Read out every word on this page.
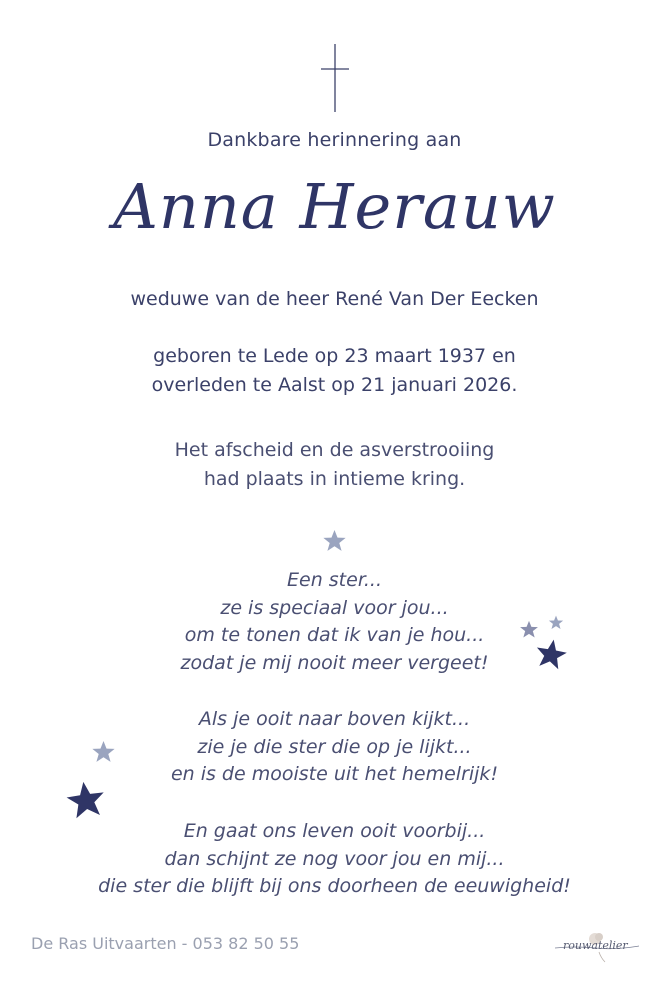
Dankbare herinnering aan
Anna Herauw
weduwe van de heer René Van Der Eecken
geboren te Lede op 23 maart 1937 en
overleden te Aalst op 21 januari 2026.
Het afscheid en de asverstrooiing
had plaats in intieme kring.
Een ster...
ze is speciaal voor jou...
om te tonen dat ik van je hou...
zodat je mij nooit meer vergeet!
Als je ooit naar boven kijkt...
zie je die ster die op je lijkt...
en is de mooiste uit het hemelrijk!
En gaat ons leven ooit voorbij...
dan schijnt ze nog voor jou en mij...
die ster die blijft bij ons doorheen de eeuwigheid!
De Ras Uitvaarten - 053 82 50 55	rouwatelier
